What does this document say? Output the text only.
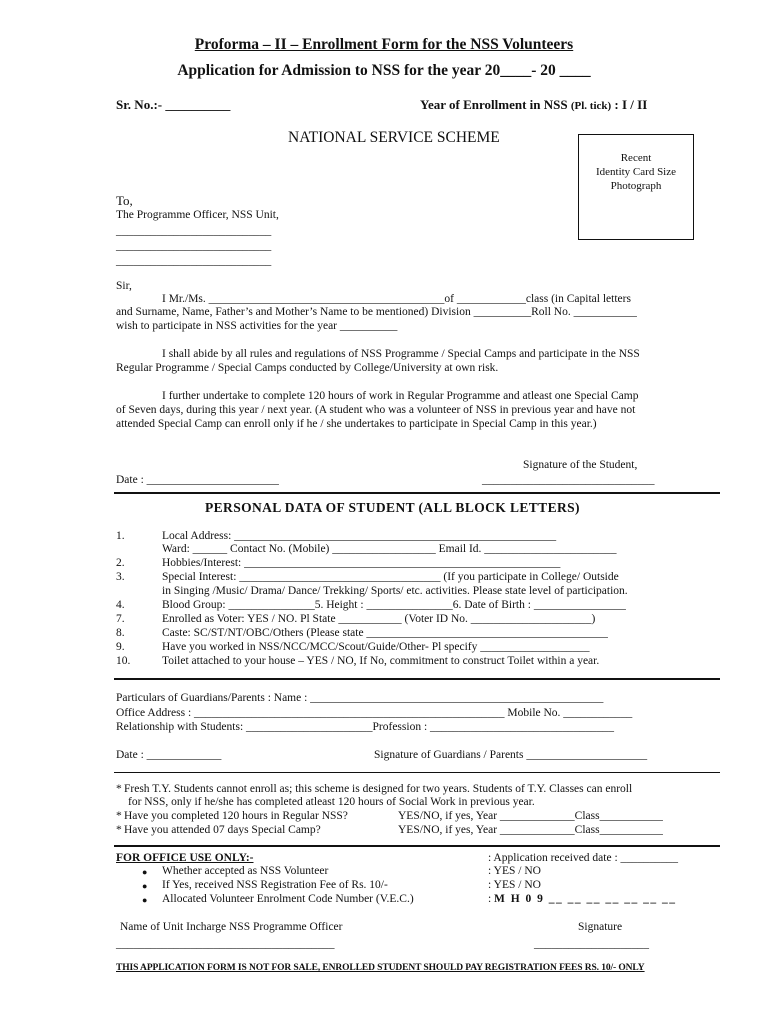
Proforma – II – Enrollment Form for the NSS Volunteers
Application for Admission to NSS for the year 20____- 20 ____
Sr. No.:- __________	Year of Enrollment in NSS (Pl. tick) : I / II
NATIONAL SERVICE SCHEME
Recent
Identity Card Size
Photograph
To,
The Programme Officer, NSS Unit,
___________________________
___________________________
___________________________
Sir,
I Mr./Ms. _________________________________________of ____________class (in Capital letters
and Surname, Name, Father’s and Mother’s Name to be mentioned) Division __________Roll No. ___________
wish to participate in NSS activities for the year __________
I shall abide by all rules and regulations of NSS Programme / Special Camps and participate in the NSS
Regular Programme / Special Camps conducted by College/University at own risk.
I further undertake to complete 120 hours of work in Regular Programme and atleast one Special Camp
of Seven days, during this year / next year. (A student who was a volunteer of NSS in previous year and have not
attended Special Camp can enroll only if he / she undertakes to participate in Special Camp in this year.)
Signature of the Student,
Date : _______________________	______________________________
PERSONAL DATA OF STUDENT (ALL BLOCK LETTERS)
1.	Local Address: ________________________________________________________
Ward: ______ Contact No. (Mobile) __________________ Email Id. _______________________
2.	Hobbies/Interest: _______________________________________________________
3.	Special Interest: ___________________________________ (If you participate in College/ Outside
in Singing /Music/ Drama/ Dance/ Trekking/ Sports/ etc. activities. Please state level of participation.
4.	Blood Group: _______________5. Height : _______________6. Date of Birth : ________________
7.	Enrolled as Voter: YES / NO. Pl State ___________ (Voter ID No. _____________________)
8.	Caste: SC/ST/NT/OBC/Others (Please state __________________________________________
9.	Have you worked in NSS/NCC/MCC/Scout/Guide/Other- Pl specify ___________________
10.	Toilet attached to your house – YES / NO, If No, commitment to construct Toilet within a year.
Particulars of Guardians/Parents : Name : ___________________________________________________
Office Address : ______________________________________________________ Mobile No. ____________
Relationship with Students: ______________________Profession : ________________________________
Date : _____________	Signature of Guardians / Parents _____________________
* Fresh T.Y. Students cannot enroll as; this scheme is designed for two years. Students of T.Y. Classes can enroll
for NSS, only if he/she has completed atleast 120 hours of Social Work in previous year.
* Have you completed 120 hours in Regular NSS?	YES/NO, if yes, Year _____________Class___________
* Have you attended 07 days Special Camp?	YES/NO, if yes, Year _____________Class___________
FOR OFFICE USE ONLY:-	: Application received date : __________
● Whether accepted as NSS Volunteer	: YES / NO
● If Yes, received NSS Registration Fee of Rs. 10/-	: YES / NO
● Allocated Volunteer Enrolment Code Number (V.E.C.)	: M H 0 9 __ __ __ __ __ __ __
Name of Unit Incharge NSS Programme Officer	Signature
______________________________________	____________________
THIS APPLICATION FORM IS NOT FOR SALE, ENROLLED STUDENT SHOULD PAY REGISTRATION FEES RS. 10/- ONLY
